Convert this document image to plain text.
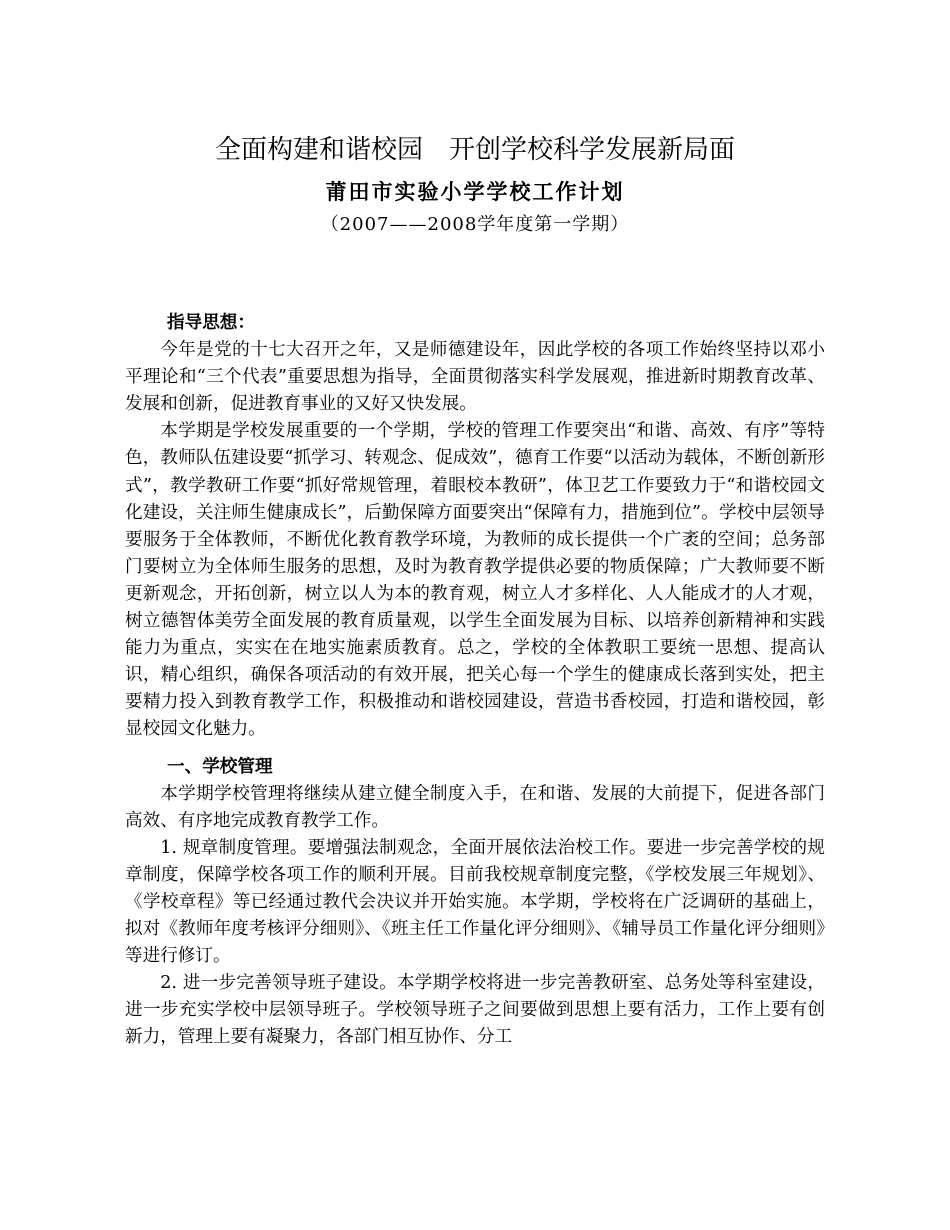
全面构建和谐校园　开创学校科学发展新局面
莆田市实验小学学校工作计划
（2007——2008学年度第一学期）
指导思想：

今年是党的十七大召开之年，又是师德建设年，因此学校的各项工作始终坚持以邓小平理论和“三个代表”重要思想为指导，全面贯彻落实科学发展观，推进新时期教育改革、发展和创新，促进教育事业的又好又快发展。

本学期是学校发展重要的一个学期，学校的管理工作要突出“和谐、高效、有序”等特色，教师队伍建设要“抓学习、转观念、促成效”，德育工作要“以活动为载体，不断创新形式”，教学教研工作要“抓好常规管理，着眼校本教研”，体卫艺工作要致力于“和谐校园文化建设，关注师生健康成长”，后勤保障方面要突出“保障有力，措施到位”。学校中层领导要服务于全体教师，不断优化教育教学环境，为教师的成长提供一个广袤的空间；总务部门要树立为全体师生服务的思想，及时为教育教学提供必要的物质保障；广大教师要不断更新观念，开拓创新，树立以人为本的教育观，树立人才多样化、人人能成才的人才观，树立德智体美劳全面发展的教育质量观，以学生全面发展为目标、以培养创新精神和实践能力为重点，实实在在地实施素质教育。总之，学校的全体教职工要统一思想、提高认识，精心组织，确保各项活动的有效开展，把关心每一个学生的健康成长落到实处，把主要精力投入到教育教学工作，积极推动和谐校园建设，营造书香校园，打造和谐校园，彰显校园文化魅力。

一、学校管理

本学期学校管理将继续从建立健全制度入手，在和谐、发展的大前提下，促进各部门高效、有序地完成教育教学工作。

1. 规章制度管理。要增强法制观念，全面开展依法治校工作。要进一步完善学校的规章制度，保障学校各项工作的顺利开展。目前我校规章制度完整，《学校发展三年规划》、《学校章程》等已经通过教代会决议并开始实施。本学期，学校将在广泛调研的基础上，拟对《教师年度考核评分细则》、《班主任工作量化评分细则》、《辅导员工作量化评分细则》等进行修订。

2. 进一步完善领导班子建设。本学期学校将进一步完善教研室、总务处等科室建设，进一步充实学校中层领导班子。学校领导班子之间要做到思想上要有活力，工作上要有创新力，管理上要有凝聚力，各部门相互协作、分工
